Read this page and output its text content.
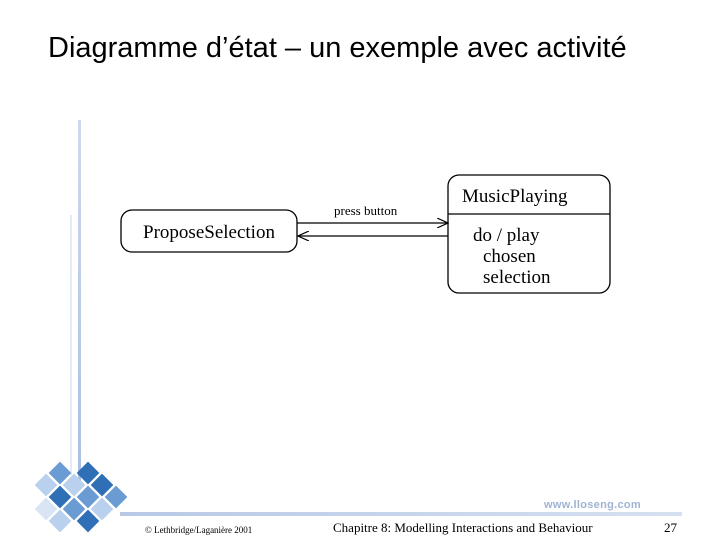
Diagramme d’état – un exemple avec activité
www.lloseng.com
ProposeSelection
MusicPlaying
do / play
chosen
selection
press button
© Lethbridge/Laganière 2001	Chapitre 8: Modelling Interactions and Behaviour	27
